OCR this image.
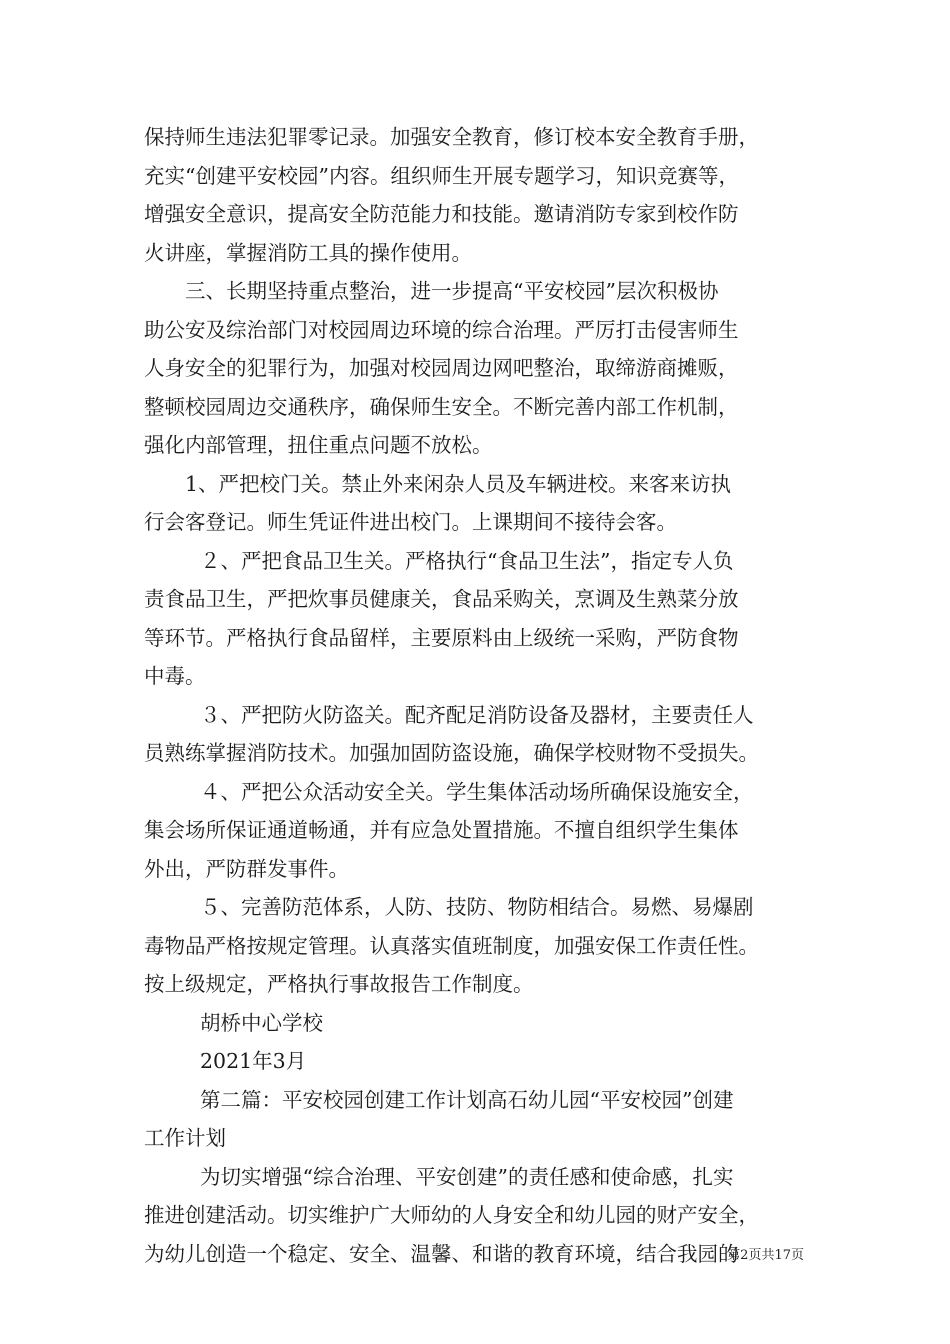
保持师生违法犯罪零记录。加强安全教育，修订校本安全教育手册，
充实“创建平安校园”内容。组织师生开展专题学习，知识竞赛等，
增强安全意识，提高安全防范能力和技能。邀请消防专家到校作防
火讲座，掌握消防工具的操作使用。
三、长期坚持重点整治，进一步提高“平安校园”层次积极协
助公安及综治部门对校园周边环境的综合治理。严厉打击侵害师生
人身安全的犯罪行为，加强对校园周边网吧整治，取缔游商摊贩，
整顿校园周边交通秩序，确保师生安全。不断完善内部工作机制，
强化内部管理，扭住重点问题不放松。
1、严把校门关。禁止外来闲杂人员及车辆进校。来客来访执
行会客登记。师生凭证件进出校门。上课期间不接待会客。
２、严把食品卫生关。严格执行“食品卫生法”，指定专人负
责食品卫生，严把炊事员健康关，食品采购关，烹调及生熟菜分放
等环节。严格执行食品留样，主要原料由上级统一采购，严防食物
中毒。
３、严把防火防盗关。配齐配足消防设备及器材，主要责任人
员熟练掌握消防技术。加强加固防盗设施，确保学校财物不受损失。
４、严把公众活动安全关。学生集体活动场所确保设施安全，
集会场所保证通道畅通，并有应急处置措施。不擅自组织学生集体
外出，严防群发事件。
５、完善防范体系，人防、技防、物防相结合。易燃、易爆剧
毒物品严格按规定管理。认真落实值班制度，加强安保工作责任性。
按上级规定，严格执行事故报告工作制度。
胡桥中心学校
2021年3月
第二篇：平安校园创建工作计划高石幼儿园“平安校园”创建
工作计划
为切实增强“综合治理、平安创建”的责任感和使命感，扎实
推进创建活动。切实维护广大师幼的人身安全和幼儿园的财产安全，
为幼儿创造一个稳定、安全、温馨、和谐的教育环境，结合我园的
第2页共17页
